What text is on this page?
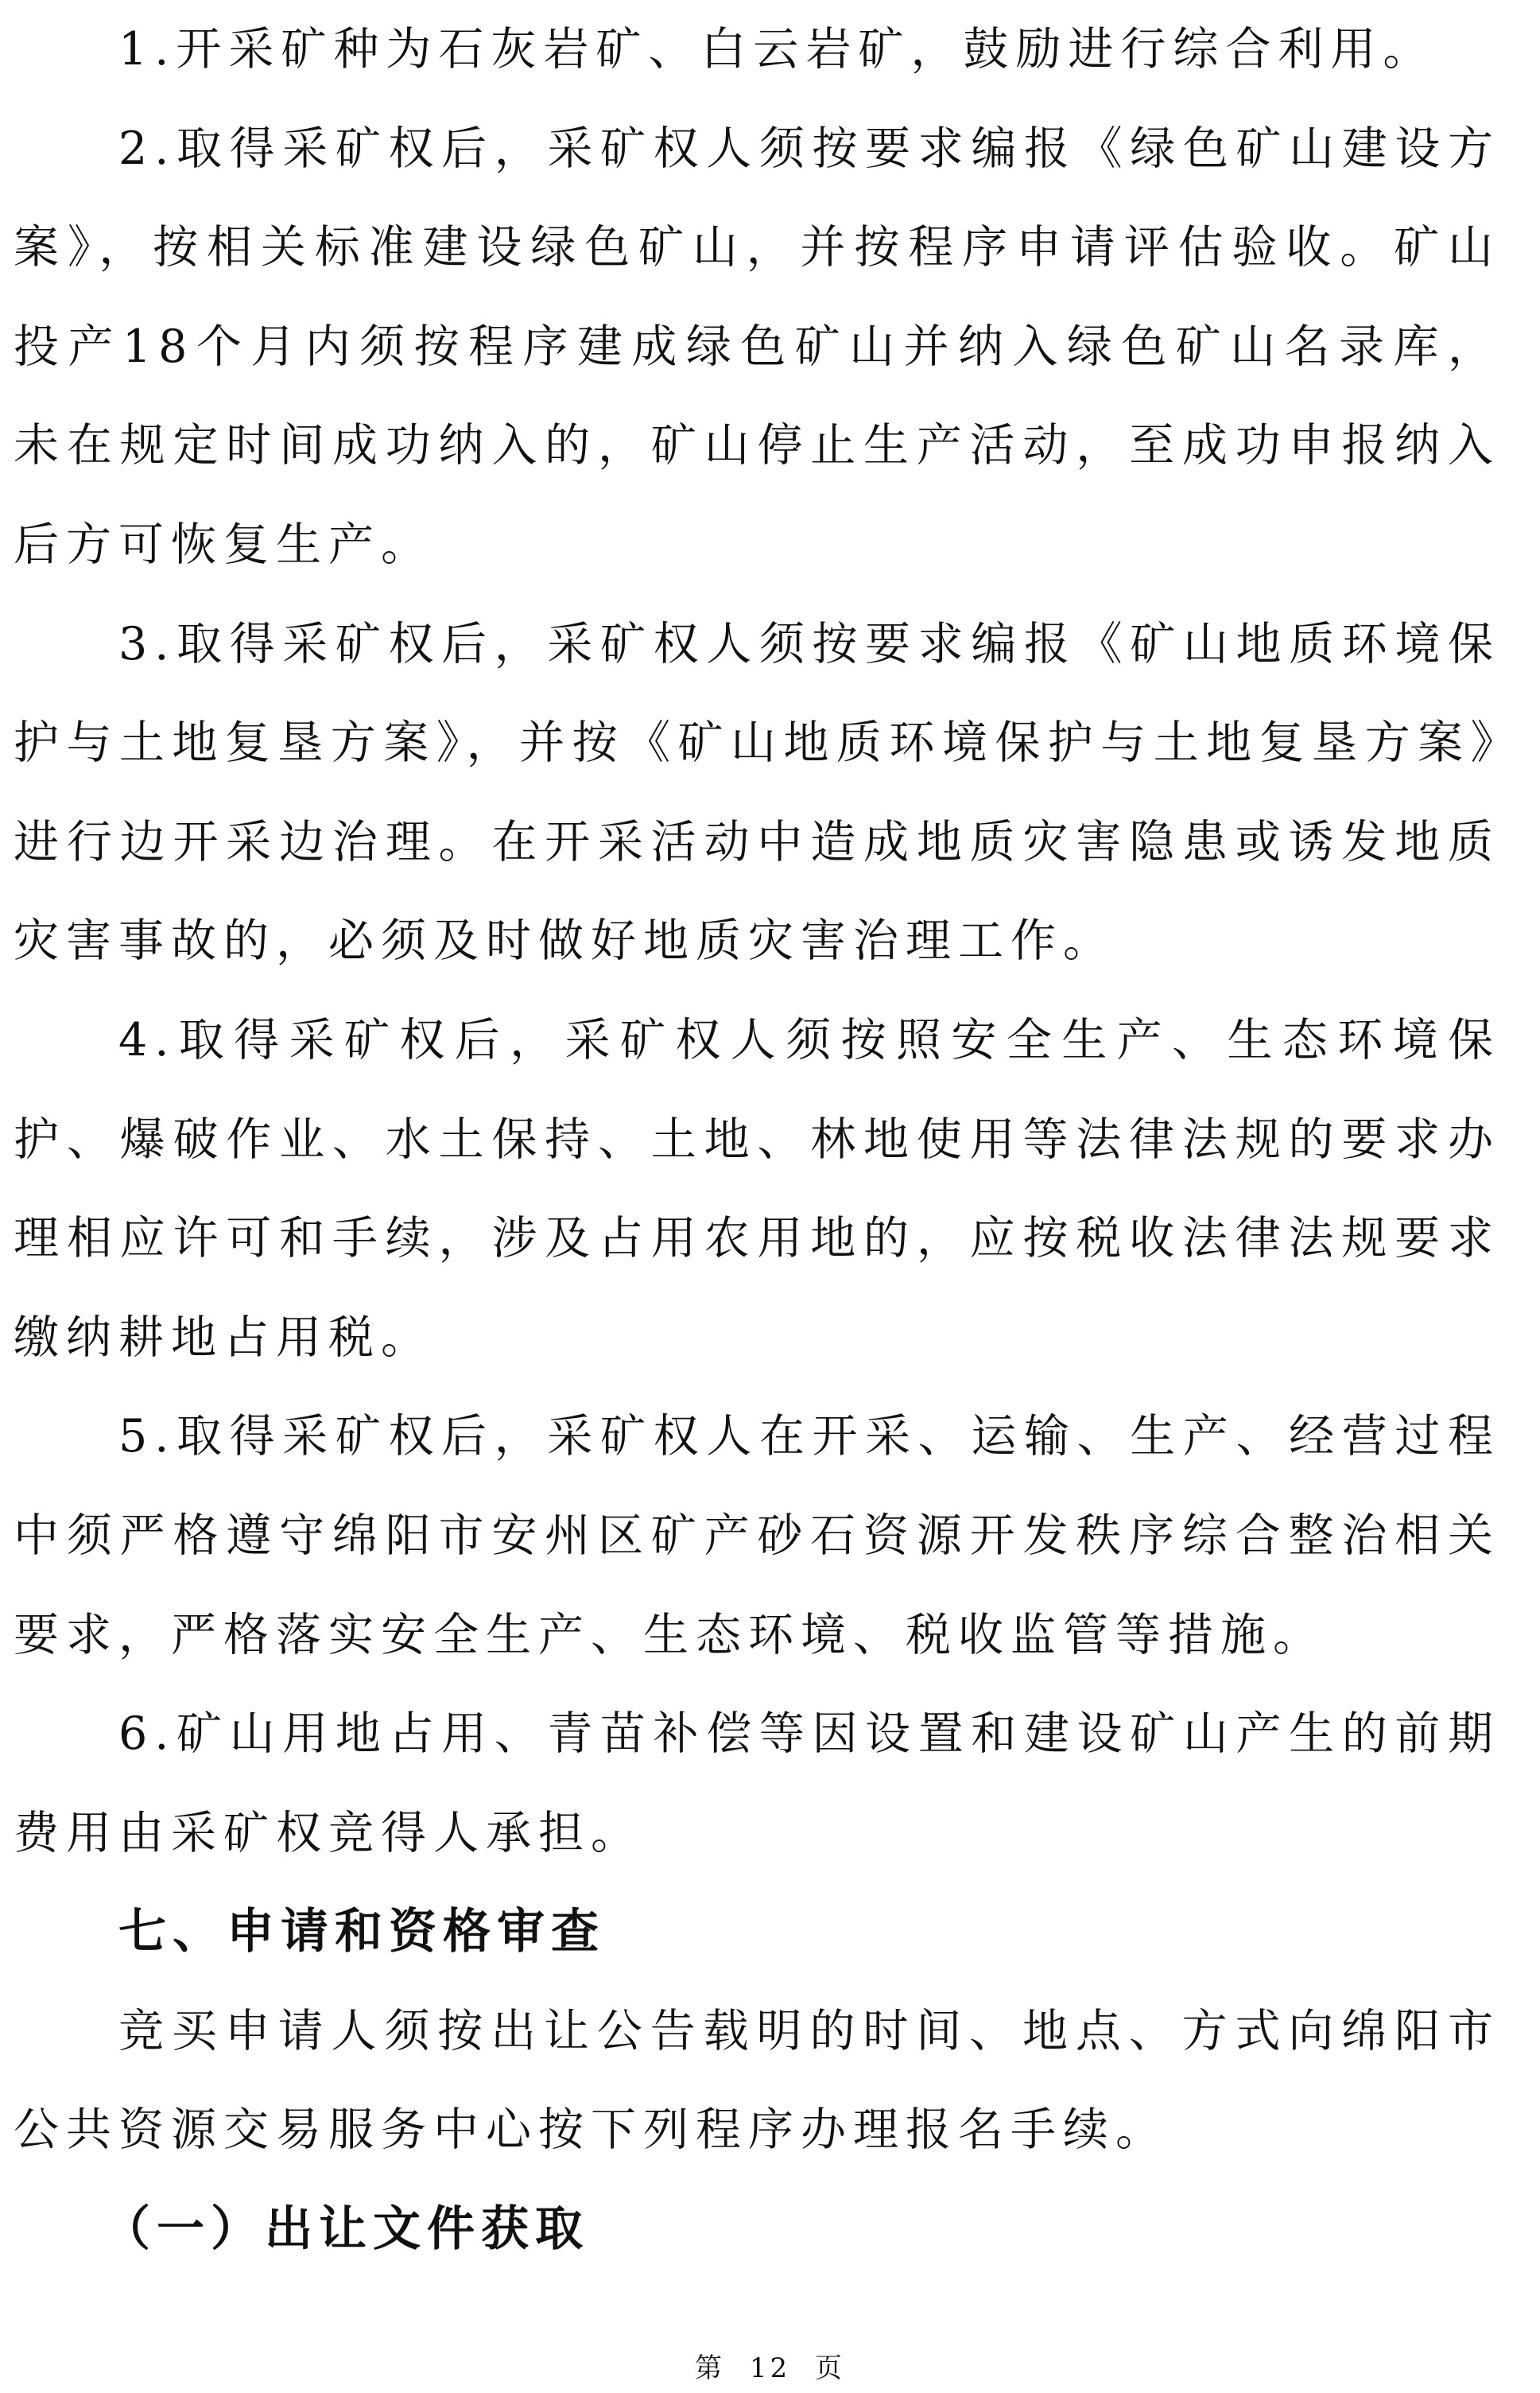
1.开采矿种为石灰岩矿、白云岩矿，鼓励进行综合利用。

2.取得采矿权后，采矿权人须按要求编报《绿色矿山建设方案》，按相关标准建设绿色矿山，并按程序申请评估验收。矿山投产18个月内须按程序建成绿色矿山并纳入绿色矿山名录库，未在规定时间成功纳入的，矿山停止生产活动，至成功申报纳入后方可恢复生产。

3.取得采矿权后，采矿权人须按要求编报《矿山地质环境保护与土地复垦方案》，并按《矿山地质环境保护与土地复垦方案》进行边开采边治理。在开采活动中造成地质灾害隐患或诱发地质灾害事故的，必须及时做好地质灾害治理工作。

4.取得采矿权后，采矿权人须按照安全生产、生态环境保护、爆破作业、水土保持、土地、林地使用等法律法规的要求办理相应许可和手续，涉及占用农用地的，应按税收法律法规要求缴纳耕地占用税。

5.取得采矿权后，采矿权人在开采、运输、生产、经营过程中须严格遵守绵阳市安州区矿产砂石资源开发秩序综合整治相关要求，严格落实安全生产、生态环境、税收监管等措施。

6.矿山用地占用、青苗补偿等因设置和建设矿山产生的前期费用由采矿权竞得人承担。

七、申请和资格审查

竞买申请人须按出让公告载明的时间、地点、方式向绵阳市公共资源交易服务中心按下列程序办理报名手续。

（一）出让文件获取

第 12 页
